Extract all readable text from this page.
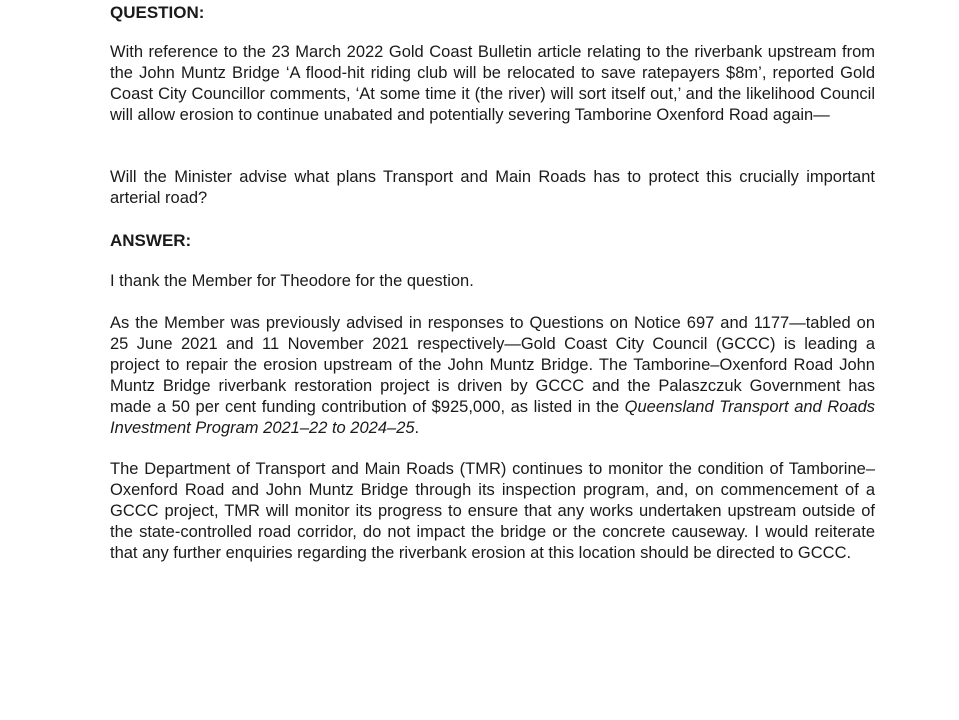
QUESTION:

With reference to the 23 March 2022 Gold Coast Bulletin article relating to the riverbank upstream from the John Muntz Bridge ‘A flood-hit riding club will be relocated to save ratepayers $8m’, reported Gold Coast City Councillor comments, ‘At some time it (the river) will sort itself out,’ and the likelihood Council will allow erosion to continue unabated and potentially severing Tamborine Oxenford Road again—

Will the Minister advise what plans Transport and Main Roads has to protect this crucially important arterial road?

ANSWER:

I thank the Member for Theodore for the question.

As the Member was previously advised in responses to Questions on Notice 697 and 1177—tabled on 25 June 2021 and 11 November 2021 respectively—Gold Coast City Council (GCCC) is leading a project to repair the erosion upstream of the John Muntz Bridge. The Tamborine–Oxenford Road John Muntz Bridge riverbank restoration project is driven by GCCC and the Palaszczuk Government has made a 50 per cent funding contribution of $925,000, as listed in the Queensland Transport and Roads Investment Program 2021–22 to 2024–25.

The Department of Transport and Main Roads (TMR) continues to monitor the condition of Tamborine–Oxenford Road and John Muntz Bridge through its inspection program, and, on commencement of a GCCC project, TMR will monitor its progress to ensure that any works undertaken upstream outside of the state-controlled road corridor, do not impact the bridge or the concrete causeway. I would reiterate that any further enquiries regarding the riverbank erosion at this location should be directed to GCCC.
